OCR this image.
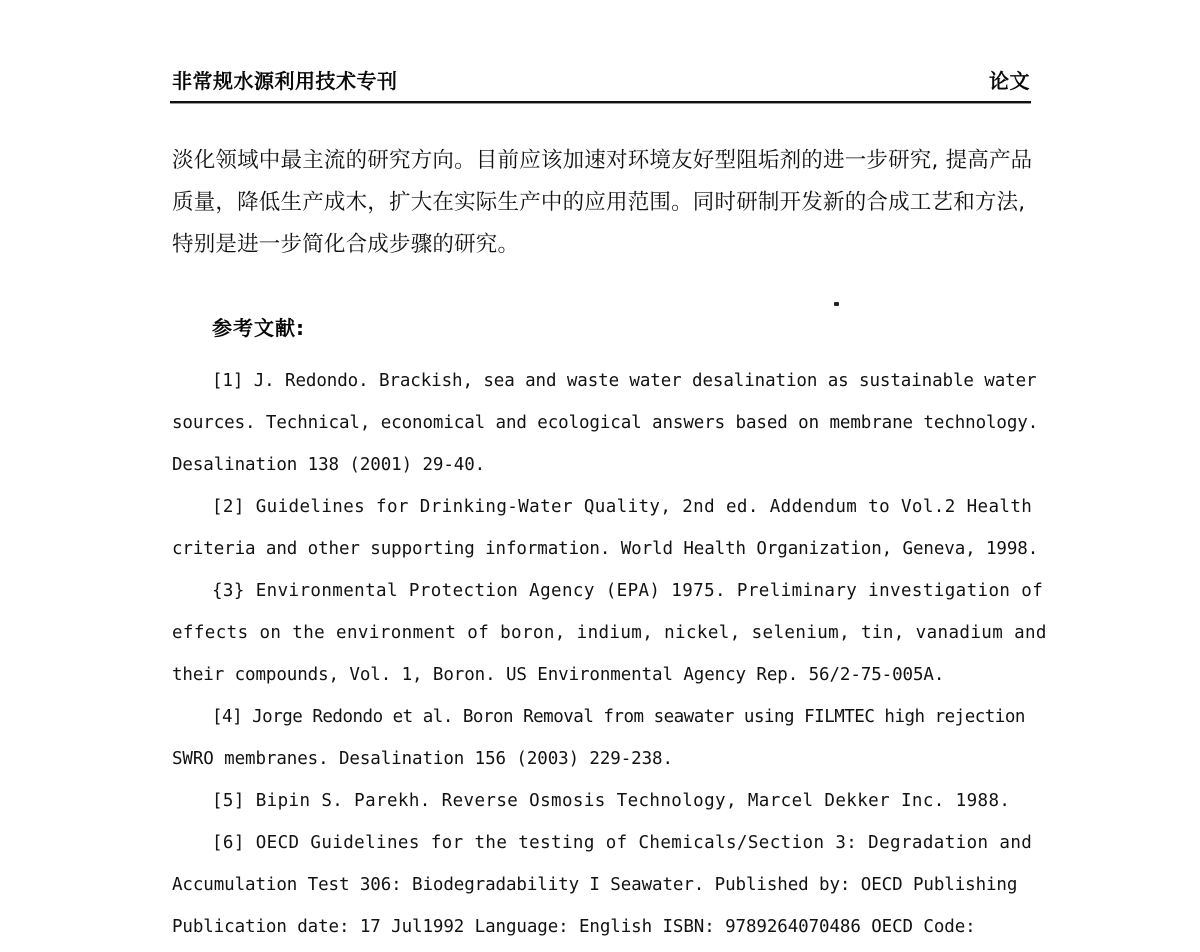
非常规水源利用技术专刊	论文
淡化领域中最主流的研究方向。目前应该加速对环境友好型阻垢剂的进一步研究, 提高产品
质量，降低生产成木，扩大在实际生产中的应用范围。同时研制开发新的合成工艺和方法,
特别是进一步简化合成步骤的研究。
参考文献:
[1] J. Redondo. Brackish, sea and waste water desalination as sustainable water
sources. Technical, economical and ecological answers based on membrane technology.
Desalination 138 (2001) 29-40.
[2] Guidelines for Drinking-Water Quality, 2nd ed. Addendum to Vol.2 Health
criteria and other supporting information. World Health Organization, Geneva, 1998.
{3} Environmental Protection Agency (EPA) 1975. Preliminary investigation of
effects on the environment of boron, indium, nickel, selenium, tin, vanadium and
their compounds, Vol. 1, Boron. US Environmental Agency Rep. 56/2-75-005A.
[4] Jorge Redondo et al. Boron Removal from seawater using FILMTEC high rejection
SWRO membranes. Desalination 156 (2003) 229-238.
[5] Bipin S. Parekh. Reverse Osmosis Technology, Marcel Dekker Inc. 1988.
[6] OECD Guidelines for the testing of Chemicals/Section 3: Degradation and
Accumulation Test 306: Biodegradability I Seawater. Published by: OECD Publishing
Publication date: 17 Jul1992 Language: English ISBN: 9789264070486 OECD Code:
